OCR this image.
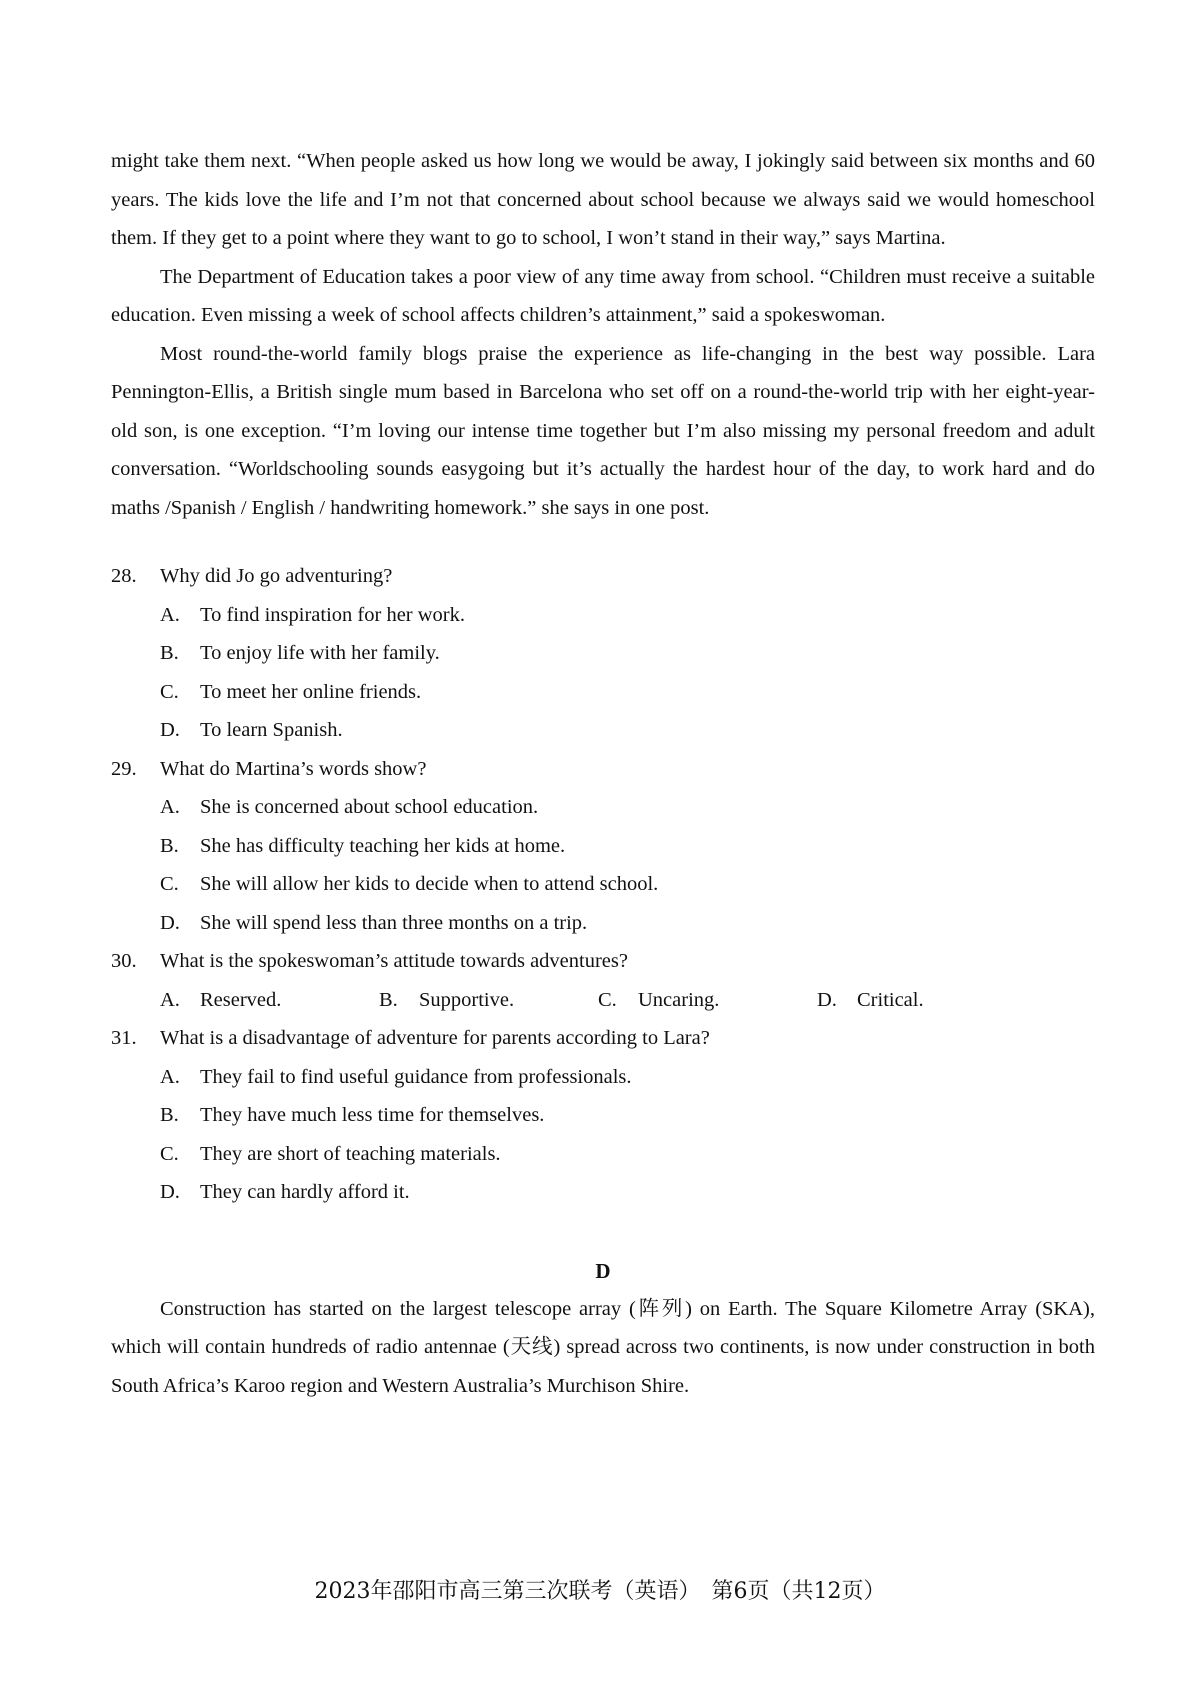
might take them next. “When people asked us how long we would be away, I jokingly said between six months and 60 years. The kids love the life and I’m not that concerned about school because we always said we would homeschool them. If they get to a point where they want to go to school, I won’t stand in their way,” says Martina.

The Department of Education takes a poor view of any time away from school. “Children must receive a suitable education. Even missing a week of school affects children’s attainment,” said a spokeswoman.

Most round-the-world family blogs praise the experience as life-changing in the best way possible. Lara Pennington-Ellis, a British single mum based in Barcelona who set off on a round-the-world trip with her eight-year-old son, is one exception. “I’m loving our intense time together but I’m also missing my personal freedom and adult conversation. “Worldschooling sounds easygoing but it’s actually the hardest hour of the day, to work hard and do maths /Spanish / English / handwriting homework.” she says in one post.

28. Why did Jo go adventuring?
A. To find inspiration for her work.
B. To enjoy life with her family.
C. To meet her online friends.
D. To learn Spanish.
29. What do Martina’s words show?
A. She is concerned about school education.
B. She has difficulty teaching her kids at home.
C. She will allow her kids to decide when to attend school.
D. She will spend less than three months on a trip.
30. What is the spokeswoman’s attitude towards adventures?
A. Reserved.	B. Supportive.	C. Uncaring.	D. Critical.
31. What is a disadvantage of adventure for parents according to Lara?
A. They fail to find useful guidance from professionals.
B. They have much less time for themselves.
C. They are short of teaching materials.
D. They can hardly afford it.
D

Construction has started on the largest telescope array (阵列) on Earth. The Square Kilometre Array (SKA), which will contain hundreds of radio antennae (天线) spread across two continents, is now under construction in both South Africa’s Karoo region and Western Australia’s Murchison Shire.

2023年邵阳市高三第三次联考（英语）　第6页（共12页）
